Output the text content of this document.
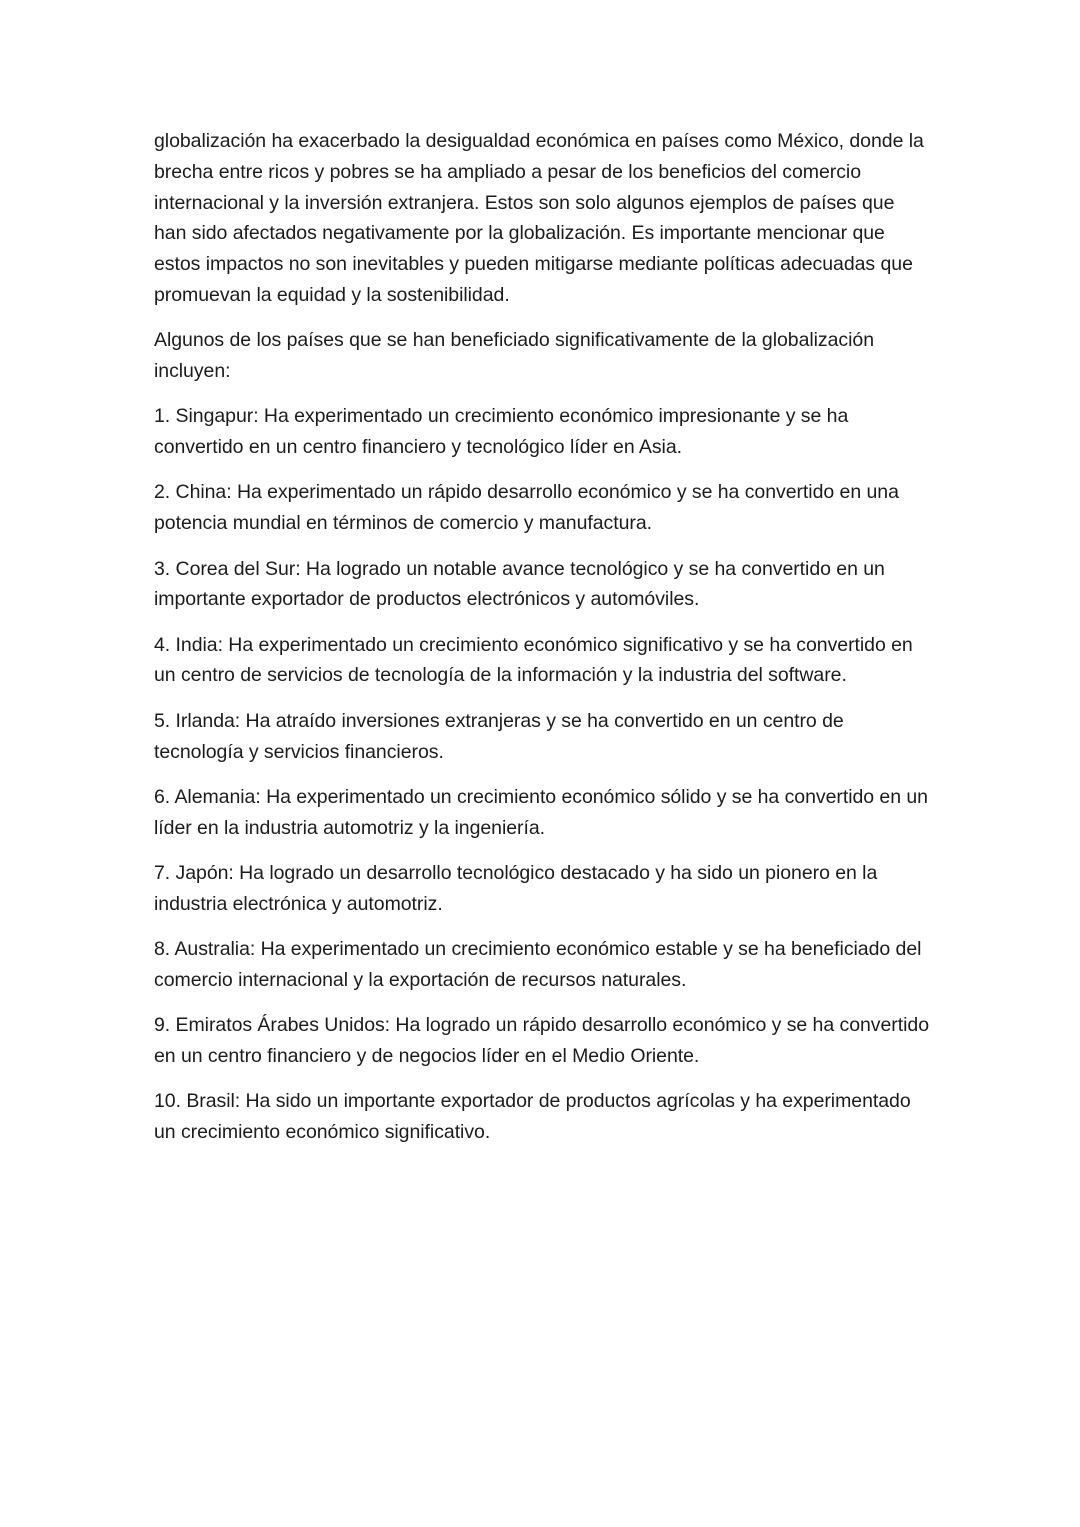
globalización ha exacerbado la desigualdad económica en países como México, donde la brecha entre ricos y pobres se ha ampliado a pesar de los beneficios del comercio internacional y la inversión extranjera. Estos son solo algunos ejemplos de países que han sido afectados negativamente por la globalización. Es importante mencionar que estos impactos no son inevitables y pueden mitigarse mediante políticas adecuadas que promuevan la equidad y la sostenibilidad.

Algunos de los países que se han beneficiado significativamente de la globalización incluyen:

1. Singapur: Ha experimentado un crecimiento económico impresionante y se ha convertido en un centro financiero y tecnológico líder en Asia.

2. China: Ha experimentado un rápido desarrollo económico y se ha convertido en una potencia mundial en términos de comercio y manufactura.

3. Corea del Sur: Ha logrado un notable avance tecnológico y se ha convertido en un importante exportador de productos electrónicos y automóviles.

4. India: Ha experimentado un crecimiento económico significativo y se ha convertido en un centro de servicios de tecnología de la información y la industria del software.

5. Irlanda: Ha atraído inversiones extranjeras y se ha convertido en un centro de tecnología y servicios financieros.

6. Alemania: Ha experimentado un crecimiento económico sólido y se ha convertido en un líder en la industria automotriz y la ingeniería.

7. Japón: Ha logrado un desarrollo tecnológico destacado y ha sido un pionero en la industria electrónica y automotriz.

8. Australia: Ha experimentado un crecimiento económico estable y se ha beneficiado del comercio internacional y la exportación de recursos naturales.

9. Emiratos Árabes Unidos: Ha logrado un rápido desarrollo económico y se ha convertido en un centro financiero y de negocios líder en el Medio Oriente.

10. Brasil: Ha sido un importante exportador de productos agrícolas y ha experimentado un crecimiento económico significativo.
